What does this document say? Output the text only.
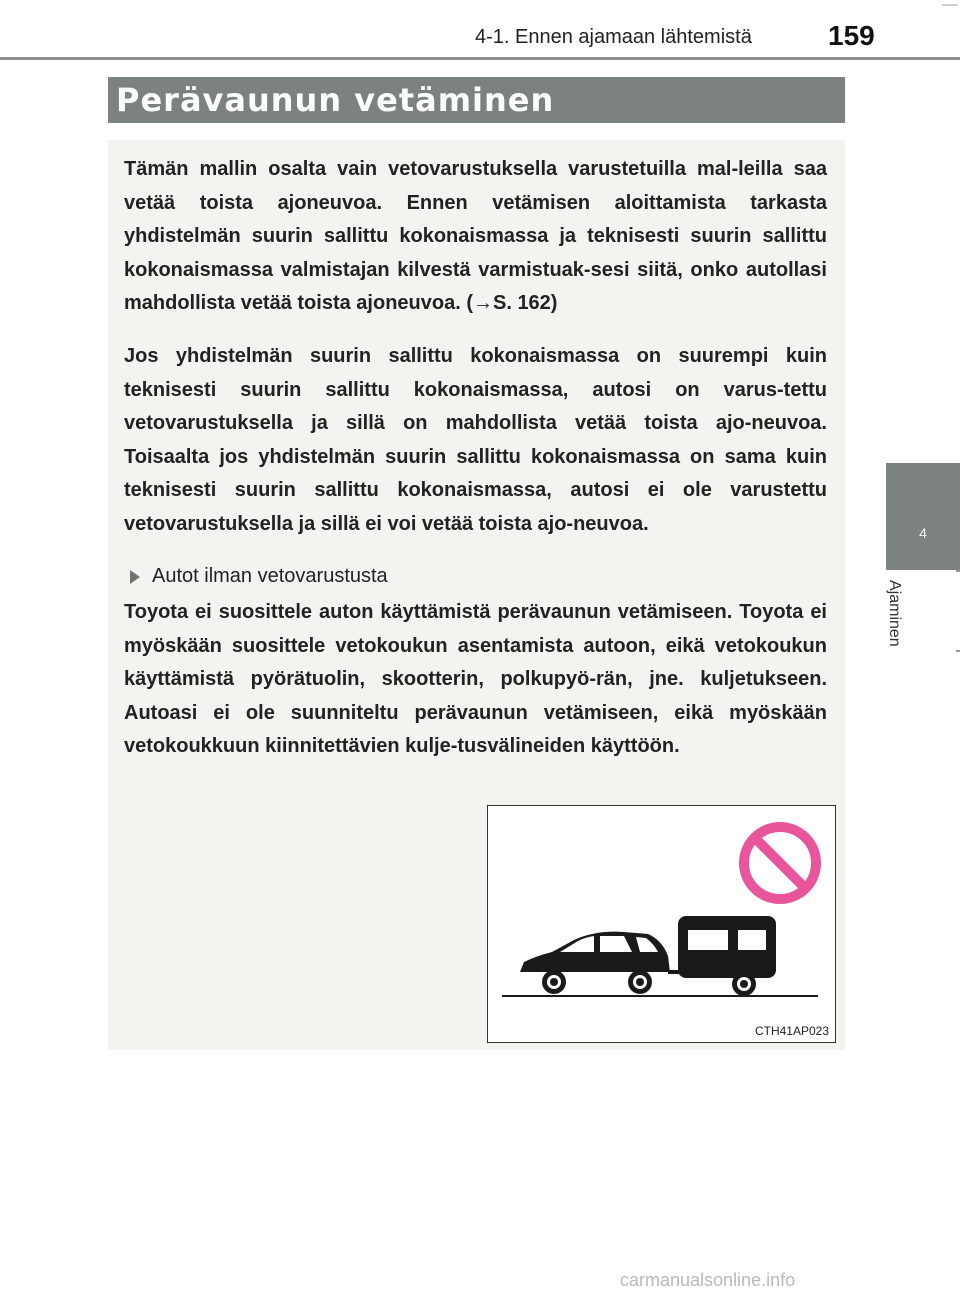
4-1. Ennen ajamaan lähtemistä	159
Perävaunun vetäminen
Tämän mallin osalta vain vetovarustuksella varustetuilla mal-leilla saa vetää toista ajoneuvoa. Ennen vetämisen aloittamista tarkasta yhdistelmän suurin sallittu kokonaismassa ja teknisesti suurin sallittu kokonaismassa valmistajan kilvestä varmistuak-sesi siitä, onko autollasi mahdollista vetää toista ajoneuvoa. (→S. 162)
Jos yhdistelmän suurin sallittu kokonaismassa on suurempi kuin teknisesti suurin sallittu kokonaismassa, autosi on varus-tettu vetovarustuksella ja sillä on mahdollista vetää toista ajo-neuvoa. Toisaalta jos yhdistelmän suurin sallittu kokonaismassa on sama kuin teknisesti suurin sallittu kokonaismassa, autosi ei ole varustettu vetovarustuksella ja sillä ei voi vetää toista ajo-neuvoa.
Autot ilman vetovarustusta
Toyota ei suosittele auton käyttämistä perävaunun vetämiseen. Toyota ei myöskään suosittele vetokoukun asentamista autoon, eikä vetokoukun käyttämistä pyörätuolin, skootterin, polkupyö-rän, jne. kuljetukseen. Autoasi ei ole suunniteltu perävaunun vetämiseen, eikä myöskään vetokoukkuun kiinnitettävien kulje-tusvälineiden käyttöön.
CTH41AP023
4
Ajaminen
carmanualsonline.info
